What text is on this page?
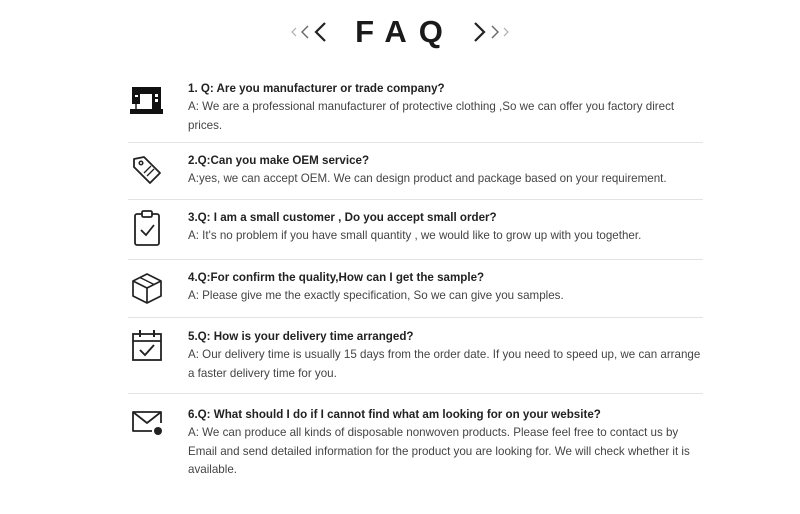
FAQ
1. Q: Are you manufacturer or trade company?
A: We are a professional manufacturer of protective clothing ,So we can offer you factory direct prices.
2.Q:Can you make OEM service?
A:yes, we can accept OEM. We can design product and package based on your requirement.
3.Q: I am a small customer , Do you accept small order?
A: It's no problem if you have small quantity , we would like to grow up with you together.
4.Q:For confirm the quality,How can I get the sample?
A: Please give me the exactly specification, So we can give you samples.
5.Q: How is your delivery time arranged?
A: Our delivery time is usually 15 days from the order date. If you need to speed up, we can arrange a faster delivery time for you.
6.Q: What should I do if I cannot find what am looking for on your website?
A: We can produce all kinds of disposable nonwoven products. Please feel free to contact us by Email and send detailed information for the product you are looking for. We will check whether it is available.
